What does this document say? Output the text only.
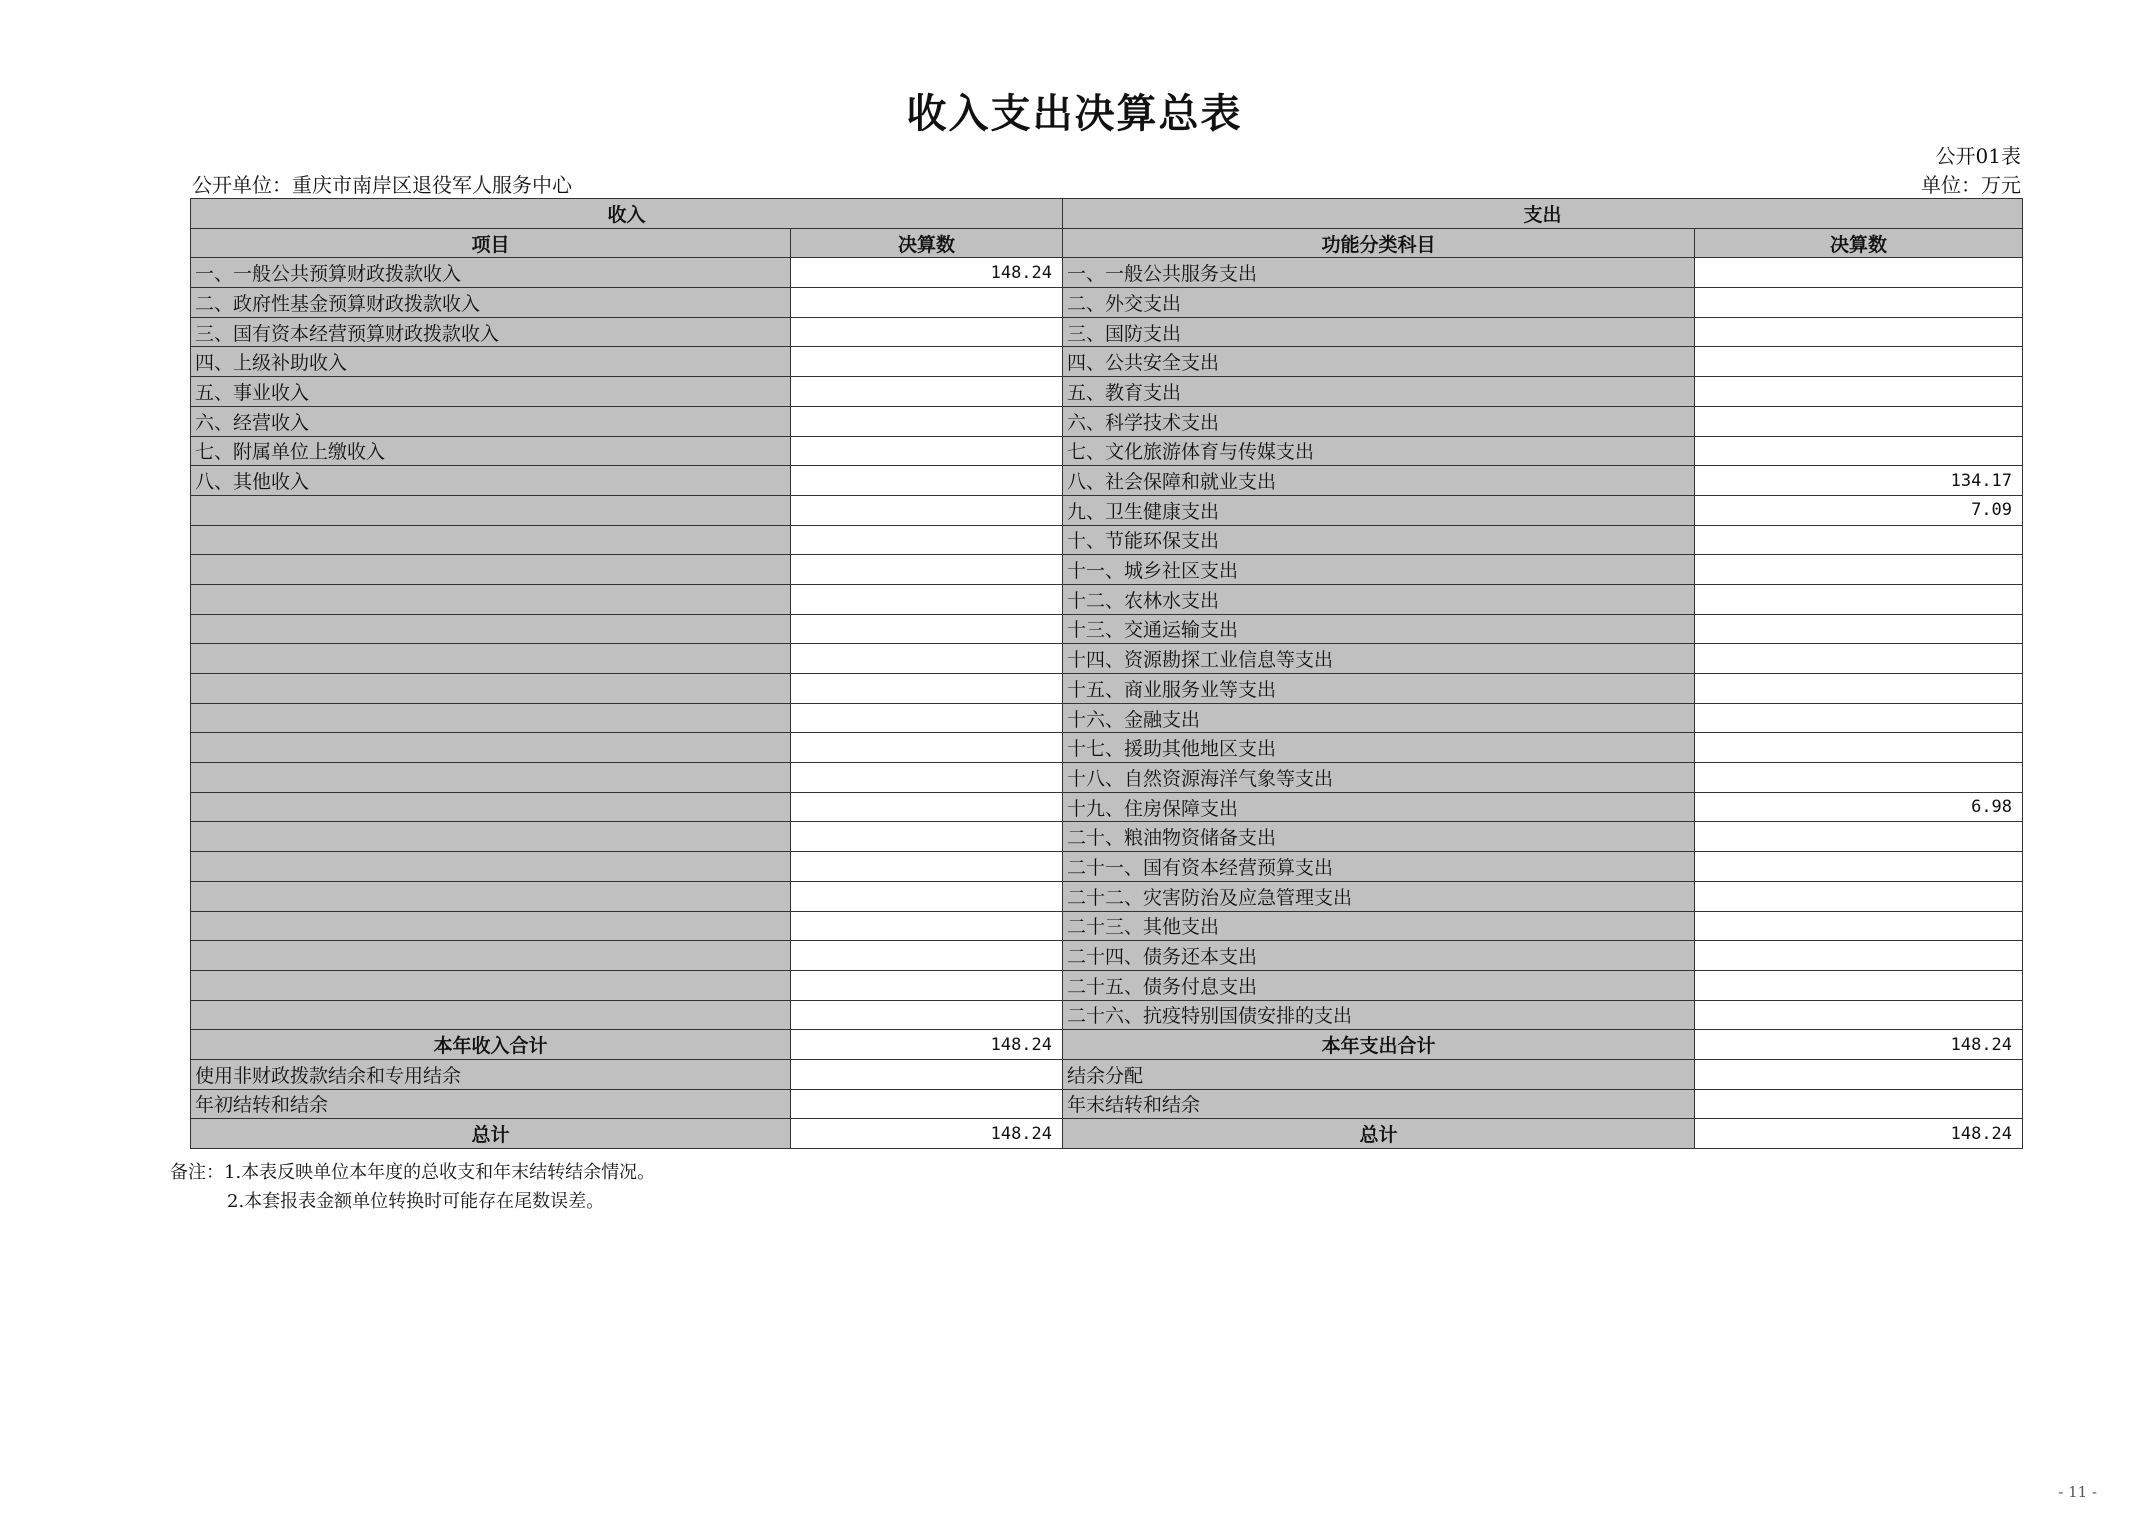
收入支出决算总表
公开01表
公开单位：重庆市南岸区退役军人服务中心	单位：万元
收入		支出	
项目	决算数	功能分类科目	决算数
一、一般公共预算财政拨款收入	148.24	一、一般公共服务支出	
二、政府性基金预算财政拨款收入		二、外交支出	
三、国有资本经营预算财政拨款收入		三、国防支出	
四、上级补助收入		四、公共安全支出	
五、事业收入		五、教育支出	
六、经营收入		六、科学技术支出	
七、附属单位上缴收入		七、文化旅游体育与传媒支出	
八、其他收入		八、社会保障和就业支出	134.17
		九、卫生健康支出	7.09
		十、节能环保支出	
		十一、城乡社区支出	
		十二、农林水支出	
		十三、交通运输支出	
		十四、资源勘探工业信息等支出	
		十五、商业服务业等支出	
		十六、金融支出	
		十七、援助其他地区支出	
		十八、自然资源海洋气象等支出	
		十九、住房保障支出	6.98
		二十、粮油物资储备支出	
		二十一、国有资本经营预算支出	
		二十二、灾害防治及应急管理支出	
		二十三、其他支出	
		二十四、债务还本支出	
		二十五、债务付息支出	
		二十六、抗疫特别国债安排的支出	
本年收入合计	148.24	本年支出合计	148.24
使用非财政拨款结余和专用结余		结余分配	
年初结转和结余		年末结转和结余	
总计	148.24	总计	148.24
备注：1.本表反映单位本年度的总收支和年末结转结余情况。
2.本套报表金额单位转换时可能存在尾数误差。
- 11 -
